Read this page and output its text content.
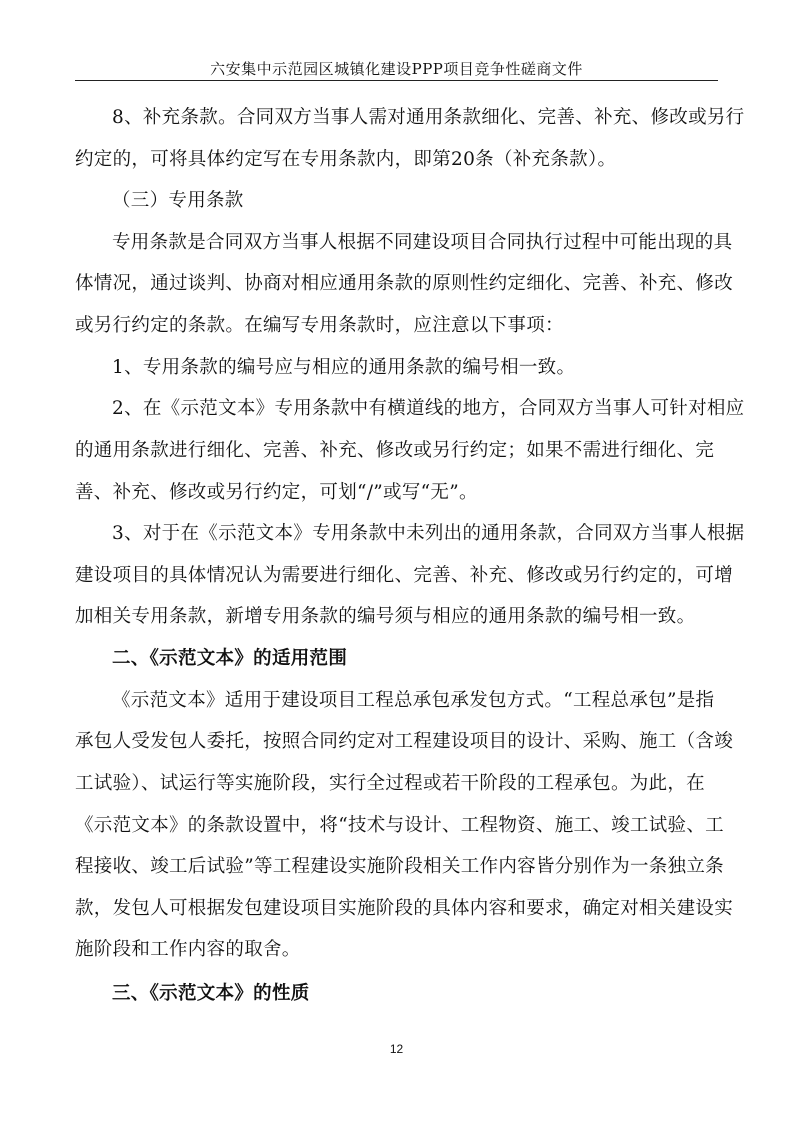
六安集中示范园区城镇化建设PPP项目竞争性磋商文件
8、补充条款。合同双方当事人需对通用条款细化、完善、补充、修改或另行
约定的，可将具体约定写在专用条款内，即第20条（补充条款）。
（三）专用条款
专用条款是合同双方当事人根据不同建设项目合同执行过程中可能出现的具
体情况，通过谈判、协商对相应通用条款的原则性约定细化、完善、补充、修改
或另行约定的条款。在编写专用条款时，应注意以下事项：
1、专用条款的编号应与相应的通用条款的编号相一致。
2、在《示范文本》专用条款中有横道线的地方，合同双方当事人可针对相应
的通用条款进行细化、完善、补充、修改或另行约定；如果不需进行细化、完
善、补充、修改或另行约定，可划“/”或写“无”。
3、对于在《示范文本》专用条款中未列出的通用条款，合同双方当事人根据
建设项目的具体情况认为需要进行细化、完善、补充、修改或另行约定的，可增
加相关专用条款，新增专用条款的编号须与相应的通用条款的编号相一致。
二、《示范文本》的适用范围
《示范文本》适用于建设项目工程总承包承发包方式。“工程总承包”是指
承包人受发包人委托，按照合同约定对工程建设项目的设计、采购、施工（含竣
工试验）、试运行等实施阶段，实行全过程或若干阶段的工程承包。为此，在
《示范文本》的条款设置中，将“技术与设计、工程物资、施工、竣工试验、工
程接收、竣工后试验”等工程建设实施阶段相关工作内容皆分别作为一条独立条
款，发包人可根据发包建设项目实施阶段的具体内容和要求，确定对相关建设实
施阶段和工作内容的取舍。
三、《示范文本》的性质
12
